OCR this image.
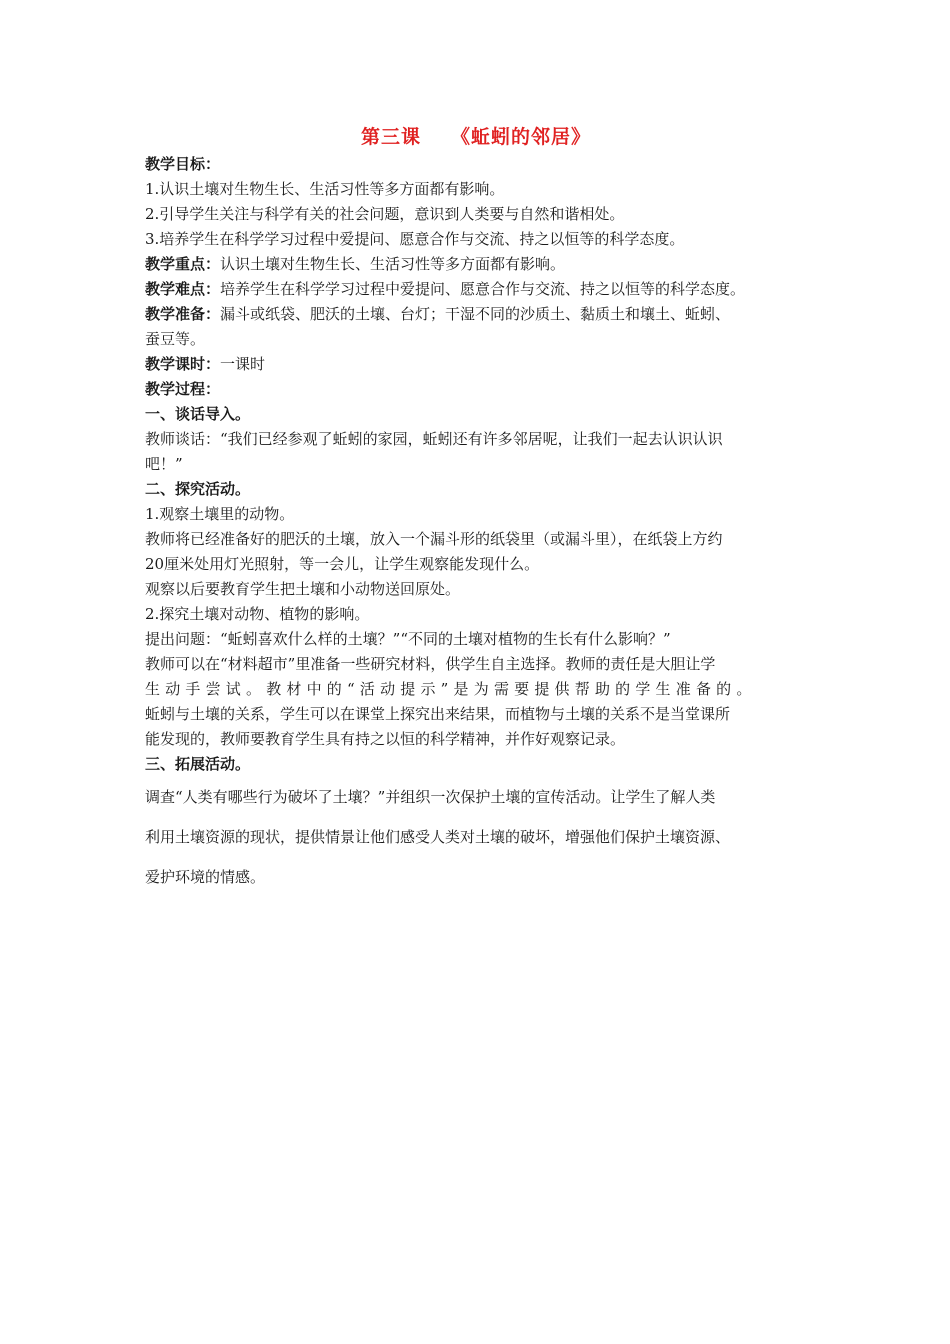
第三课 《蚯蚓的邻居》

教学目标：

1.认识土壤对生物生长、生活习性等多方面都有影响。

2.引导学生关注与科学有关的社会问题，意识到人类要与自然和谐相处。

3.培养学生在科学学习过程中爱提问、愿意合作与交流、持之以恒等的科学态度。

教学重点：认识土壤对生物生长、生活习性等多方面都有影响。

教学难点：培养学生在科学学习过程中爱提问、愿意合作与交流、持之以恒等的科学态度。

教学准备：漏斗或纸袋、肥沃的土壤、台灯；干湿不同的沙质土、黏质土和壤土、蚯蚓、

蚕豆等。

教学课时：一课时

教学过程：

一、谈话导入。

教师谈话：“我们已经参观了蚯蚓的家园，蚯蚓还有许多邻居呢，让我们一起去认识认识

吧！”

二、探究活动。

1.观察土壤里的动物。

教师将已经准备好的肥沃的土壤，放入一个漏斗形的纸袋里（或漏斗里），在纸袋上方约

20厘米处用灯光照射，等一会儿，让学生观察能发现什么。

观察以后要教育学生把土壤和小动物送回原处。

2.探究土壤对动物、植物的影响。

提出问题：“蚯蚓喜欢什么样的土壤？”“不同的土壤对植物的生长有什么影响？”

教师可以在“材料超市”里准备一些研究材料，供学生自主选择。教师的责任是大胆让学

生动手尝试。教材中的“活动提示”是为需要提供帮助的学生准备的。

蚯蚓与土壤的关系，学生可以在课堂上探究出来结果，而植物与土壤的关系不是当堂课所

能发现的，教师要教育学生具有持之以恒的科学精神，并作好观察记录。

三、拓展活动。

调查“人类有哪些行为破坏了土壤？”并组织一次保护土壤的宣传活动。让学生了解人类

利用土壤资源的现状，提供情景让他们感受人类对土壤的破坏，增强他们保护土壤资源、

爱护环境的情感。
